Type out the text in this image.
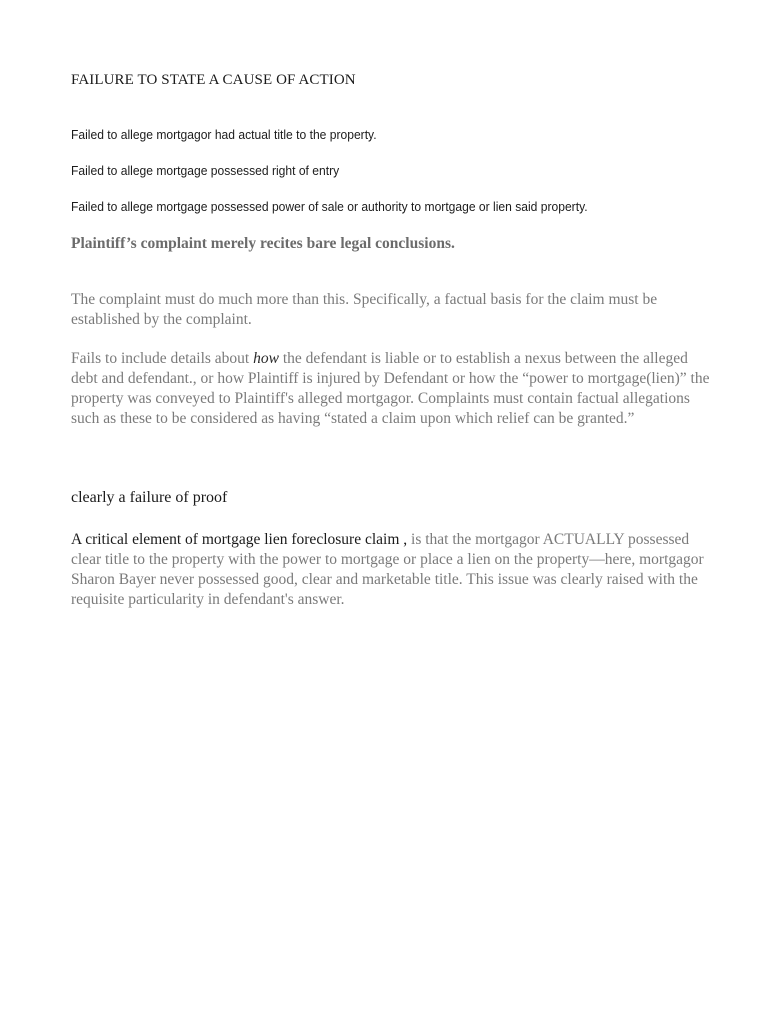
FAILURE TO STATE A CAUSE OF ACTION

Failed to allege mortgagor had actual title to the property.

Failed to allege mortgage possessed right of entry

Failed to allege mortgage possessed power of sale or authority to mortgage or lien said property.

Plaintiff’s complaint merely recites bare legal conclusions.

The complaint must do much more than this. Specifically, a factual basis for the claim must be established by the complaint.

Fails to include details about how the defendant is liable or to establish a nexus between the alleged debt and defendant., or how Plaintiff is injured by Defendant or how the “power to mortgage(lien)” the property was conveyed to Plaintiff's alleged mortgagor. Complaints must contain factual allegations such as these to be considered as having “stated a claim upon which relief can be granted.”

clearly a failure of proof

A critical element of mortgage lien foreclosure claim , is that the mortgagor ACTUALLY possessed clear title to the property with the power to mortgage or place a lien on the property—here, mortgagor Sharon Bayer never possessed good, clear and marketable title. This issue was clearly raised with the requisite particularity in defendant's answer.
